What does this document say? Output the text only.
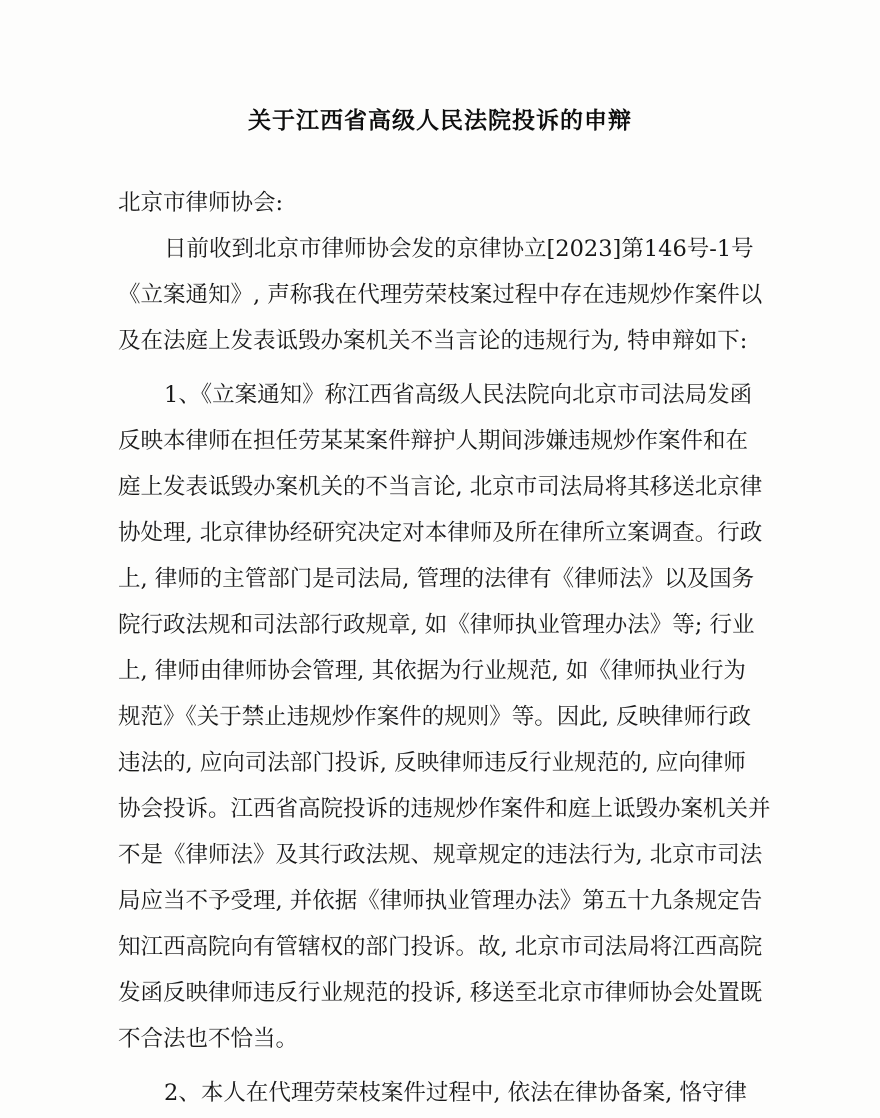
关于江西省高级人民法院投诉的申辩
北京市律师协会:
日前收到北京市律师协会发的京律协立[2023]第146号-1号
《立案通知》, 声称我在代理劳荣枝案过程中存在违规炒作案件以
及在法庭上发表诋毁办案机关不当言论的违规行为, 特申辩如下:
1、《立案通知》称江西省高级人民法院向北京市司法局发函
反映本律师在担任劳某某案件辩护人期间涉嫌违规炒作案件和在
庭上发表诋毁办案机关的不当言论, 北京市司法局将其移送北京律
协处理, 北京律协经研究决定对本律师及所在律所立案调查。行政
上, 律师的主管部门是司法局, 管理的法律有《律师法》以及国务
院行政法规和司法部行政规章, 如《律师执业管理办法》等; 行业
上, 律师由律师协会管理, 其依据为行业规范, 如《律师执业行为
规范》《关于禁止违规炒作案件的规则》等。因此, 反映律师行政
违法的, 应向司法部门投诉, 反映律师违反行业规范的, 应向律师
协会投诉。江西省高院投诉的违规炒作案件和庭上诋毁办案机关并
不是《律师法》及其行政法规、规章规定的违法行为, 北京市司法
局应当不予受理, 并依据《律师执业管理办法》第五十九条规定告
知江西高院向有管辖权的部门投诉。故, 北京市司法局将江西高院
发函反映律师违反行业规范的投诉, 移送至北京市律师协会处置既
不合法也不恰当。
2、本人在代理劳荣枝案件过程中, 依法在律协备案, 恪守律
